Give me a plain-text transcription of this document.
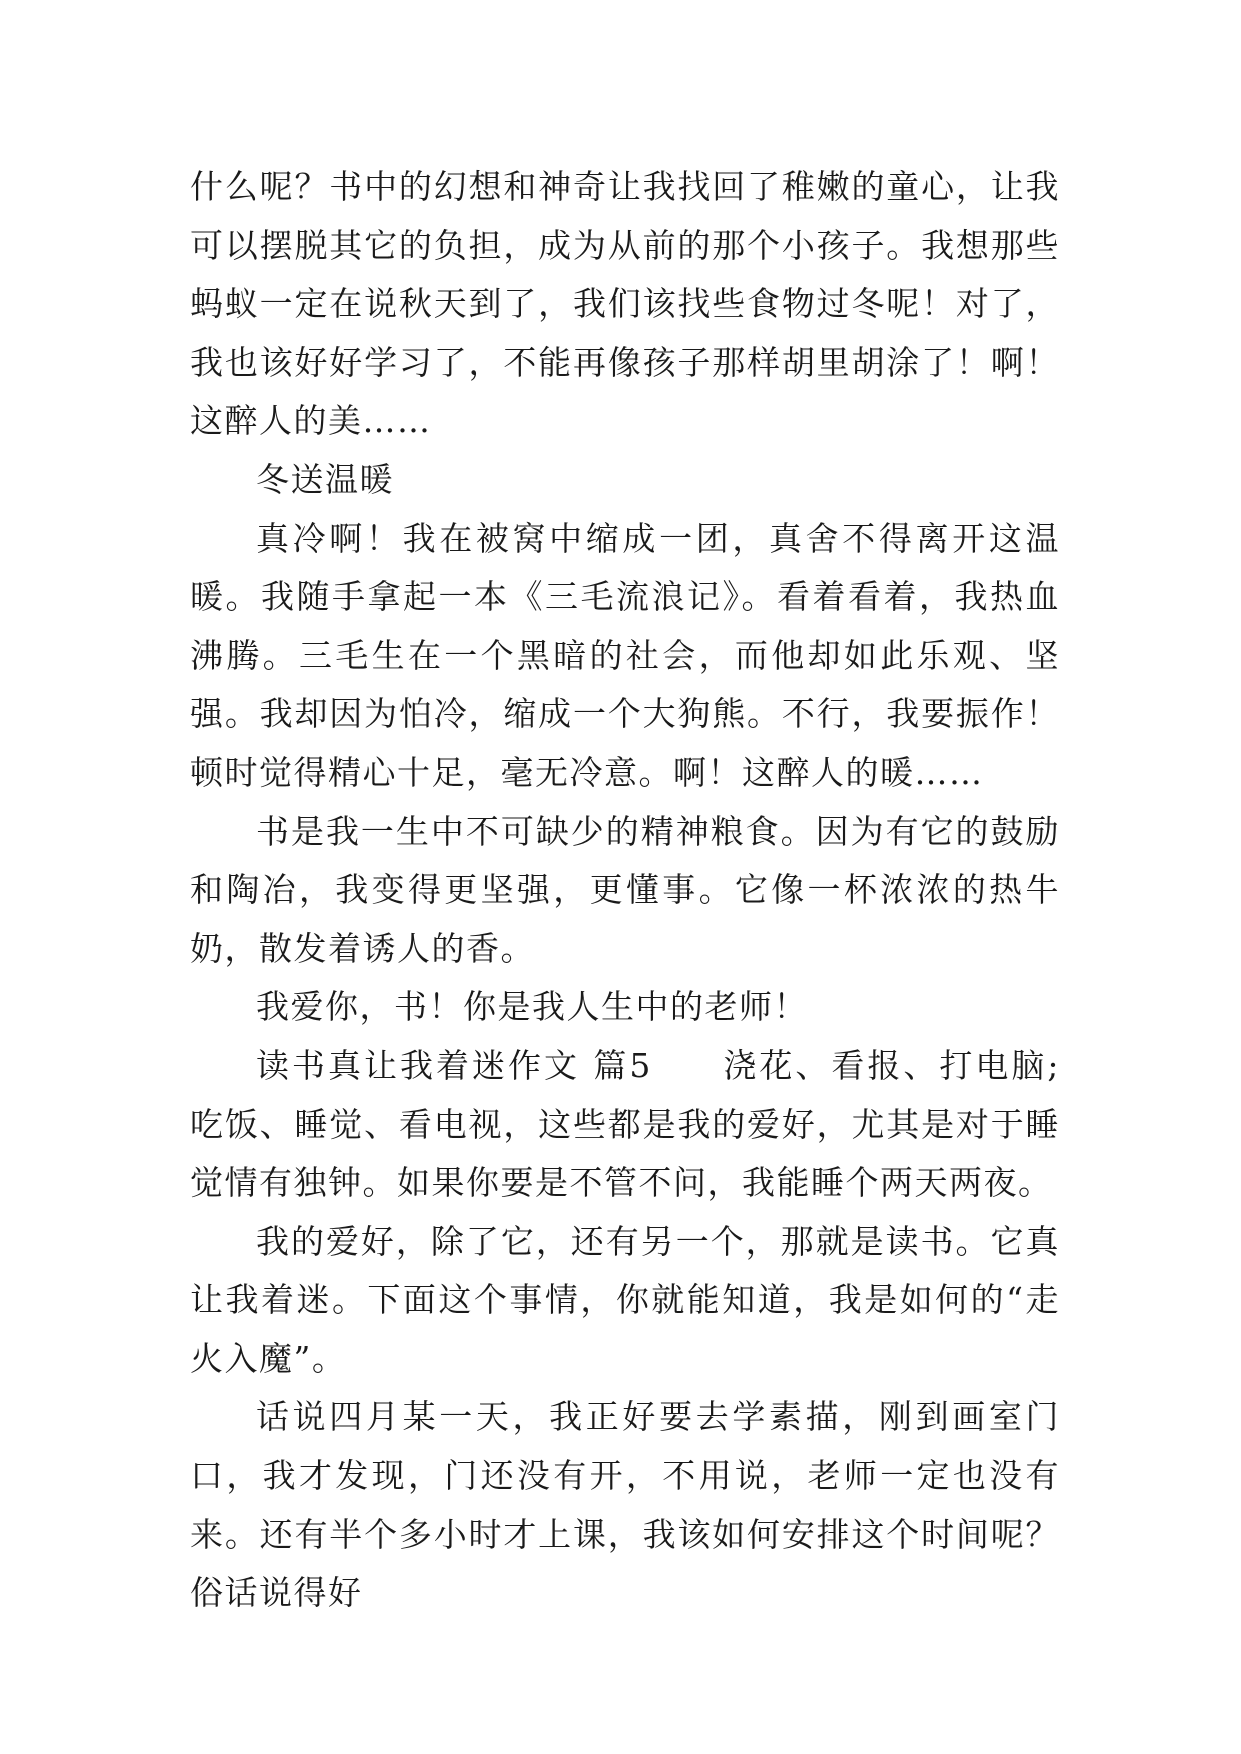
什么呢？书中的幻想和神奇让我找回了稚嫩的童心，让我可以摆脱其它的负担，成为从前的那个小孩子。我想那些蚂蚁一定在说秋天到了，我们该找些食物过冬呢！对了，我也该好好学习了，不能再像孩子那样胡里胡涂了！啊！这醉人的美……

冬送温暖

真冷啊！我在被窝中缩成一团，真舍不得离开这温暖。我随手拿起一本《三毛流浪记》。看着看着，我热血沸腾。三毛生在一个黑暗的社会，而他却如此乐观、坚强。我却因为怕冷，缩成一个大狗熊。不行，我要振作！顿时觉得精心十足，毫无冷意。啊！这醉人的暖……

书是我一生中不可缺少的精神粮食。因为有它的鼓励和陶冶，我变得更坚强，更懂事。它像一杯浓浓的热牛奶，散发着诱人的香。

我爱你，书！你是我人生中的老师！

读书真让我着迷作文 篇5 浇花、看报、打电脑;吃饭、睡觉、看电视，这些都是我的爱好，尤其是对于睡觉情有独钟。如果你要是不管不问，我能睡个两天两夜。

我的爱好，除了它，还有另一个，那就是读书。它真让我着迷。下面这个事情，你就能知道，我是如何的“走火入魔”。

话说四月某一天，我正好要去学素描，刚到画室门口，我才发现，门还没有开，不用说，老师一定也没有来。还有半个多小时才上课，我该如何安排这个时间呢？俗话说得好
